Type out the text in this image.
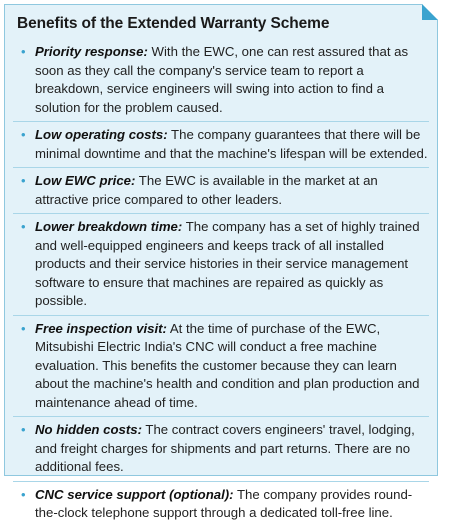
Benefits of the Extended Warranty Scheme
• Priority response: With the EWC, one can rest assured that as soon as they call the company's service team to report a breakdown, service engineers will swing into action to find a solution for the problem caused.
• Low operating costs: The company guarantees that there will be minimal downtime and that the machine's lifespan will be extended.
• Low EWC price: The EWC is available in the market at an attractive price compared to other leaders.
• Lower breakdown time: The company has a set of highly trained and well-equipped engineers and keeps track of all installed products and their service histories in their service management software to ensure that machines are repaired as quickly as possible.
• Free inspection visit: At the time of purchase of the EWC, Mitsubishi Electric India's CNC will conduct a free machine evaluation. This benefits the customer because they can learn about the machine's health and condition and plan production and maintenance ahead of time.
• No hidden costs: The contract covers engineers' travel, lodging, and freight charges for shipments and part returns. There are no additional fees.
• CNC service support (optional): The company provides round-the-clock telephone support through a dedicated toll-free line.
